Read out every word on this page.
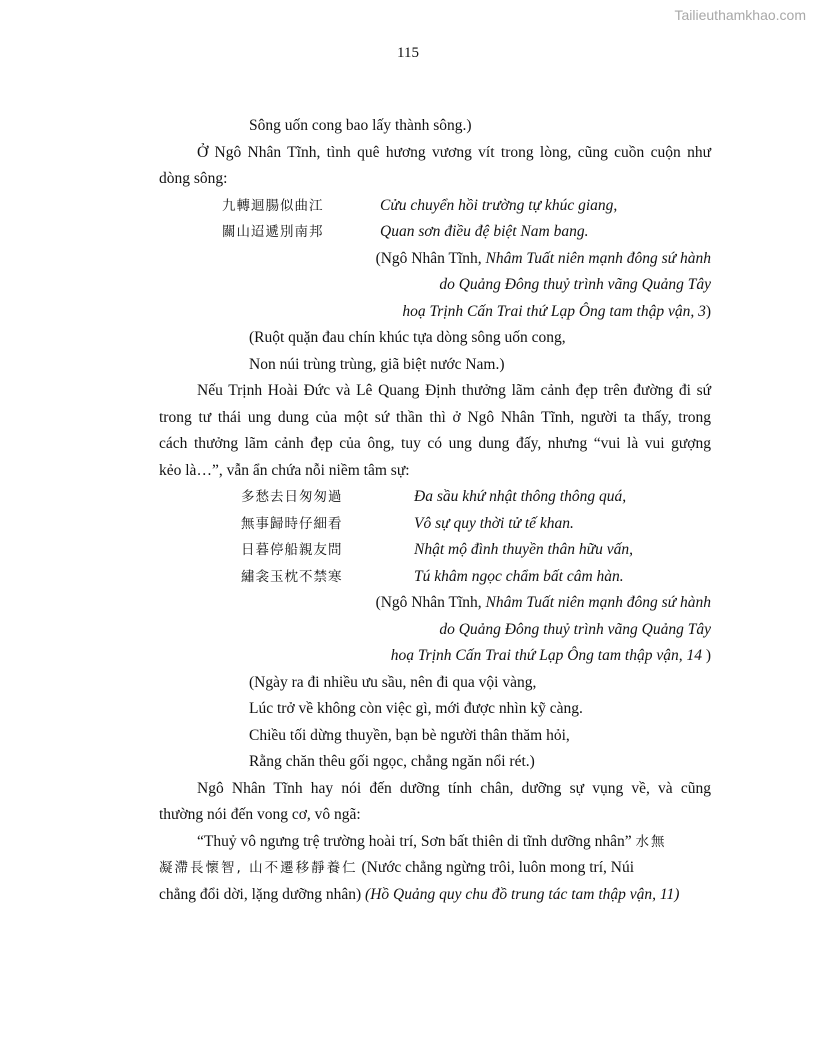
Tailieuthamkhao.com
115
Sông uốn cong bao lấy thành sông.)
Ở Ngô Nhân Tĩnh, tình quê hương vương vít trong lòng, cũng cuồn cuộn như
dòng sông:
九轉迴腸似曲江	Cửu chuyển hồi trường tự khúc giang,
關山迢遞別南邦	Quan sơn điều đệ biệt Nam bang.
(Ngô Nhân Tĩnh, Nhâm Tuất niên mạnh đông sứ hành
do Quảng Đông thuỷ trình vãng Quảng Tây
hoạ Trịnh Cấn Trai thứ Lạp Ông tam thập vận, 3)
(Ruột quặn đau chín khúc tựa dòng sông uốn cong,
Non núi trùng trùng, giã biệt nước Nam.)
Nếu Trịnh Hoài Đức và Lê Quang Định thưởng lãm cảnh đẹp trên đường đi sứ
trong tư thái ung dung của một sứ thần thì ở Ngô Nhân Tĩnh, người ta thấy, trong
cách thưởng lãm cảnh đẹp của ông, tuy có ung dung đấy, nhưng “vui là vui gượng
kẻo là…”, vẫn ẩn chứa nỗi niềm tâm sự:
多愁去日匆匆過	Đa sầu khứ nhật thông thông quá,
無事歸時仔細看	Vô sự quy thời tử tế khan.
日暮停船親友問	Nhật mộ đình thuyền thân hữu vấn,
繡衾玉枕不禁寒	Tú khâm ngọc chẩm bất câm hàn.
(Ngô Nhân Tĩnh, Nhâm Tuất niên mạnh đông sứ hành
do Quảng Đông thuỷ trình vãng Quảng Tây
hoạ Trịnh Cấn Trai thứ Lạp Ông tam thập vận, 14 )
(Ngày ra đi nhiều ưu sầu, nên đi qua vội vàng,
Lúc trở về không còn việc gì, mới được nhìn kỹ càng.
Chiều tối dừng thuyền, bạn bè người thân thăm hỏi,
Rằng chăn thêu gối ngọc, chẳng ngăn nổi rét.)
Ngô Nhân Tĩnh hay nói đến dưỡng tính chân, dưỡng sự vụng về, và cũng
thường nói đến vong cơ, vô ngã:
“Thuỷ vô ngưng trệ trường hoài trí, Sơn bất thiên di tĩnh dưỡng nhân” 水無
凝滯長懷智, 山不遷移靜養仁 (Nước chẳng ngừng trôi, luôn mong trí, Núi
chẳng đổi dời, lặng dưỡng nhân) (Hồ Quảng quy chu đồ trung tác tam thập vận, 11)
